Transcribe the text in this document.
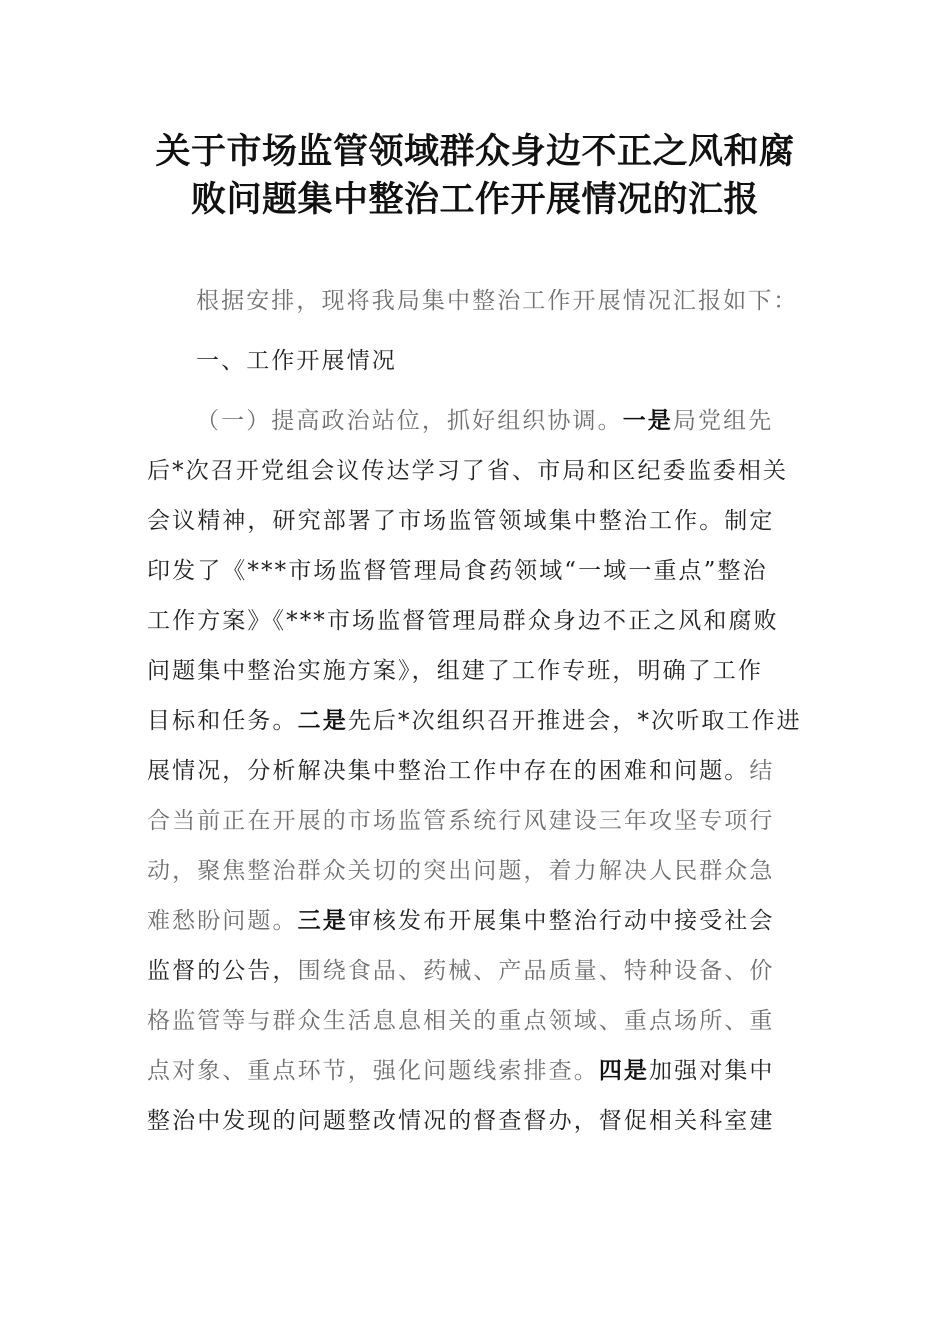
关于市场监管领域群众身边不正之风和腐
败问题集中整治工作开展情况的汇报

根据安排，现将我局集中整治工作开展情况汇报如下：

一、工作开展情况

（一）提高政治站位，抓好组织协调。一是局党组先

后*次召开党组会议传达学习了省、市局和区纪委监委相关

会议精神，研究部署了市场监管领域集中整治工作。制定

印发了《***市场监督管理局食药领域“一域一重点”整治

工作方案》《***市场监督管理局群众身边不正之风和腐败

问题集中整治实施方案》，组建了工作专班，明确了工作

目标和任务。二是先后*次组织召开推进会，*次听取工作进

展情况，分析解决集中整治工作中存在的困难和问题。结

合当前正在开展的市场监管系统行风建设三年攻坚专项行

动，聚焦整治群众关切的突出问题，着力解决人民群众急

难愁盼问题。三是审核发布开展集中整治行动中接受社会

监督的公告，围绕食品、药械、产品质量、特种设备、价

格监管等与群众生活息息相关的重点领域、重点场所、重

点对象、重点环节，强化问题线索排查。四是加强对集中

整治中发现的问题整改情况的督查督办，督促相关科室建
